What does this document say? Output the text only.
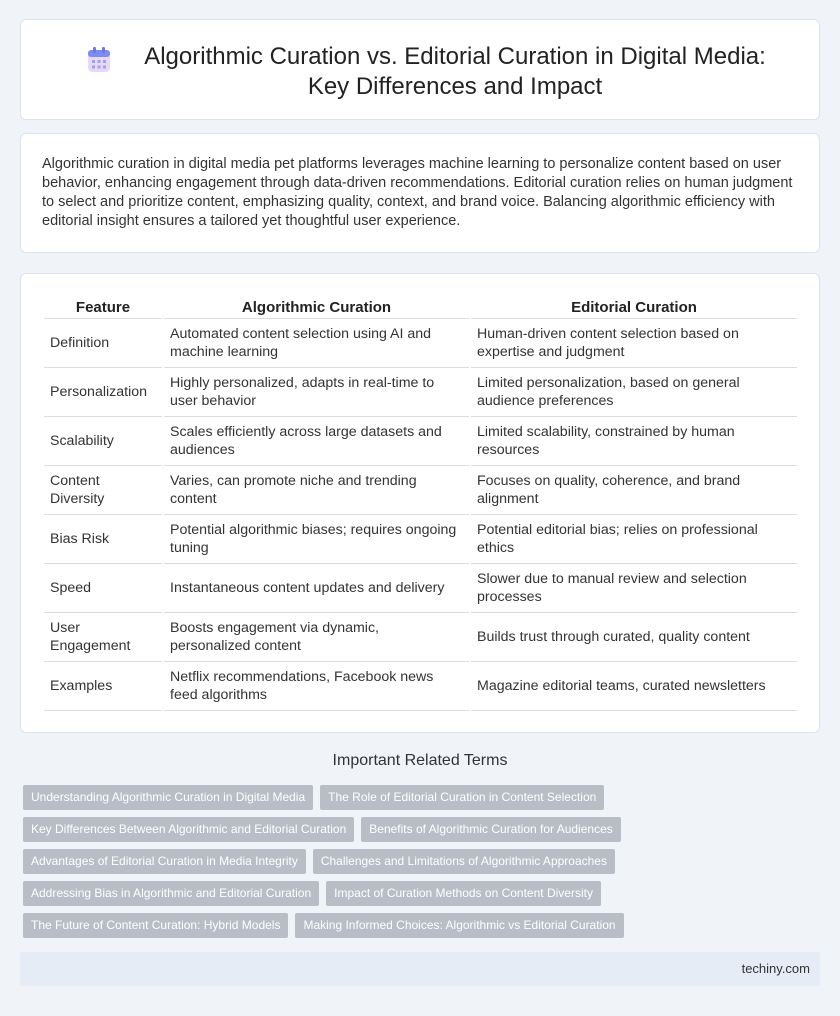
Algorithmic Curation vs. Editorial Curation in Digital Media: Key Differences and Impact

Algorithmic curation in digital media pet platforms leverages machine learning to personalize content based on user behavior, enhancing engagement through data-driven recommendations. Editorial curation relies on human judgment to select and prioritize content, emphasizing quality, context, and brand voice. Balancing algorithmic efficiency with editorial insight ensures a tailored yet thoughtful user experience.

Feature	Algorithmic Curation	Editorial Curation
Definition	Automated content selection using AI and machine learning	Human-driven content selection based on expertise and judgment
Personalization	Highly personalized, adapts in real-time to user behavior	Limited personalization, based on general audience preferences
Scalability	Scales efficiently across large datasets and audiences	Limited scalability, constrained by human resources
Content Diversity	Varies, can promote niche and trending content	Focuses on quality, coherence, and brand alignment
Bias Risk	Potential algorithmic biases; requires ongoing tuning	Potential editorial bias; relies on professional ethics
Speed	Instantaneous content updates and delivery	Slower due to manual review and selection processes
User Engagement	Boosts engagement via dynamic, personalized content	Builds trust through curated, quality content
Examples	Netflix recommendations, Facebook news feed algorithms	Magazine editorial teams, curated newsletters
Important Related Terms
Understanding Algorithmic Curation in Digital Media The Role of Editorial Curation in Content Selection
Key Differences Between Algorithmic and Editorial Curation Benefits of Algorithmic Curation for Audiences
Advantages of Editorial Curation in Media Integrity Challenges and Limitations of Algorithmic Approaches
Addressing Bias in Algorithmic and Editorial Curation Impact of Curation Methods on Content Diversity
The Future of Content Curation: Hybrid Models Making Informed Choices: Algorithmic vs Editorial Curation
techiny.com
